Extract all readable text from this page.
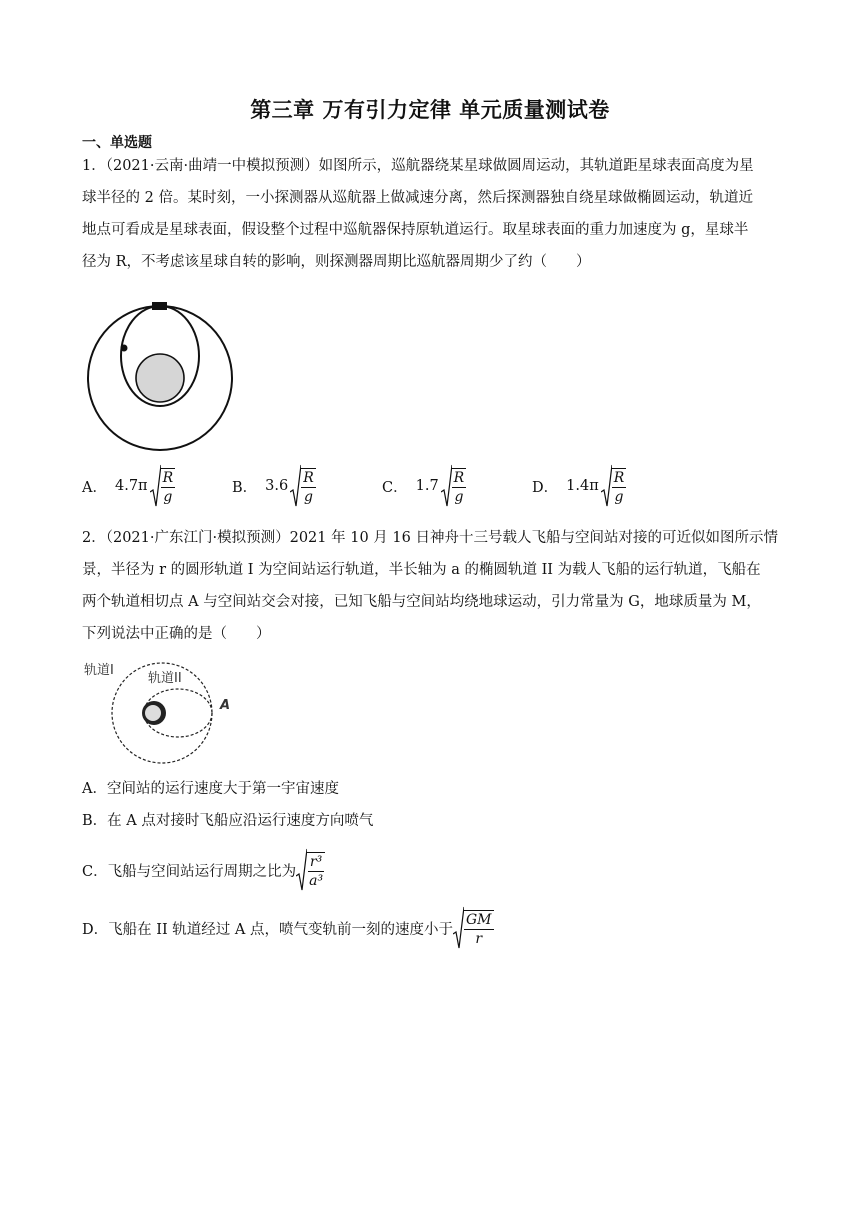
第三章 万有引力定律 单元质量测试卷
一、单选题

1．（2021·云南·曲靖一中模拟预测）如图所示，巡航器绕某星球做圆周运动，其轨道距星球表面高度为星

球半径的 2 倍。某时刻，一小探测器从巡航器上做减速分离，然后探测器独自绕星球做椭圆运动，轨道近

地点可看成是星球表面，假设整个过程中巡航器保持原轨道运行。取星球表面的重力加速度为 g，星球半

径为 R，不考虑该星球自转的影响，则探测器周期比巡航器周期少了约（　　）

A． $4.7\pi \frac{R}{g}$	B． $3.6 \frac{R}{g}$	C． $1.7 \frac{R}{g}$	D． $1.4\pi \frac{R}{g}$

2．（2021·广东江门·模拟预测）2021 年 10 月 16 日神舟十三号载人飞船与空间站对接的可近似如图所示情

景，半径为 r 的圆形轨道 I 为空间站运行轨道，半长轴为 a 的椭圆轨道 II 为载人飞船的运行轨道，飞船在

两个轨道相切点 A 与空间站交会对接，已知飞船与空间站均绕地球运动，引力常量为 G，地球质量为 M，

下列说法中正确的是（　　）

轨道I
轨道II
A
A．空间站的运行速度大于第一宇宙速度
B．在 A 点对接时飞船应沿运行速度方向喷气
C．飞船与空间站运行周期之比为 $\frac{\text{r³}}{\text{a³}}$
D．飞船在 II 轨道经过 A 点，喷气变轨前一刻的速度小于 $\frac{GM}{r}$
